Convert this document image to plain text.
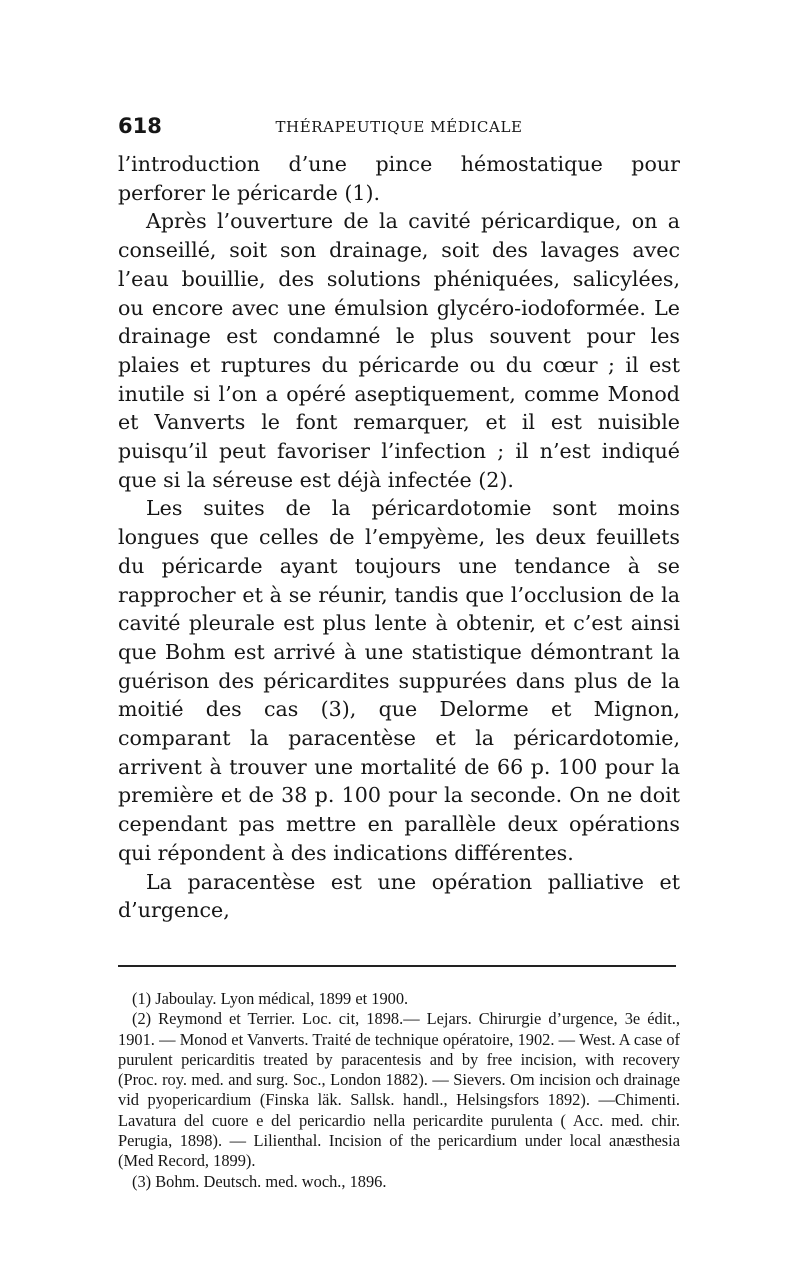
618	THÉRAPEUTIQUE MÉDICALE

l’introduction d’une pince hémostatique pour perforer le péricarde (1).

Après l’ouverture de la cavité péricardique, on a conseillé, soit son drainage, soit des lavages avec l’eau bouillie, des solutions phéniquées, salicylées, ou encore avec une émulsion glycéro-iodoformée. Le drainage est condamné le plus souvent pour les plaies et ruptures du péricarde ou du cœur ; il est inutile si l’on a opéré aseptiquement, comme Monod et Vanverts le font remarquer, et il est nuisible puisqu’il peut favoriser l’infection ; il n’est indiqué que si la séreuse est déjà infectée (2).

Les suites de la péricardotomie sont moins longues que celles de l’empyème, les deux feuillets du péricarde ayant toujours une tendance à se rapprocher et à se réunir, tandis que l’occlusion de la cavité pleurale est plus lente à obtenir, et c’est ainsi que Bohm est arrivé à une statistique démontrant la guérison des péricardites suppurées dans plus de la moitié des cas (3), que Delorme et Mignon, comparant la paracentèse et la péricardotomie, arrivent à trouver une mortalité de 66 p. 100 pour la première et de 38 p. 100 pour la seconde. On ne doit cependant pas mettre en parallèle deux opérations qui répondent à des indications différentes.

La paracentèse est une opération palliative et d’urgence,

(1) Jaboulay. Lyon médical, 1899 et 1900.

(2) Reymond et Terrier. Loc. cit, 1898.— Lejars. Chirurgie d’urgence, 3e édit., 1901. — Monod et Vanverts. Traité de technique opératoire, 1902. — West. A case of purulent pericarditis treated by paracentesis and by free incision, with recovery (Proc. roy. med. and surg. Soc., London 1882). — Sievers. Om incision och drainage vid pyopericardium (Finska läk. Sallsk. handl., Helsingsfors 1892). —Chimenti. Lavatura del cuore e del pericardio nella pericardite purulenta ( Acc. med. chir. Perugia, 1898). — Lilienthal. Incision of the pericardium under local anæsthesia (Med Record, 1899).

(3) Bohm. Deutsch. med. woch., 1896.
